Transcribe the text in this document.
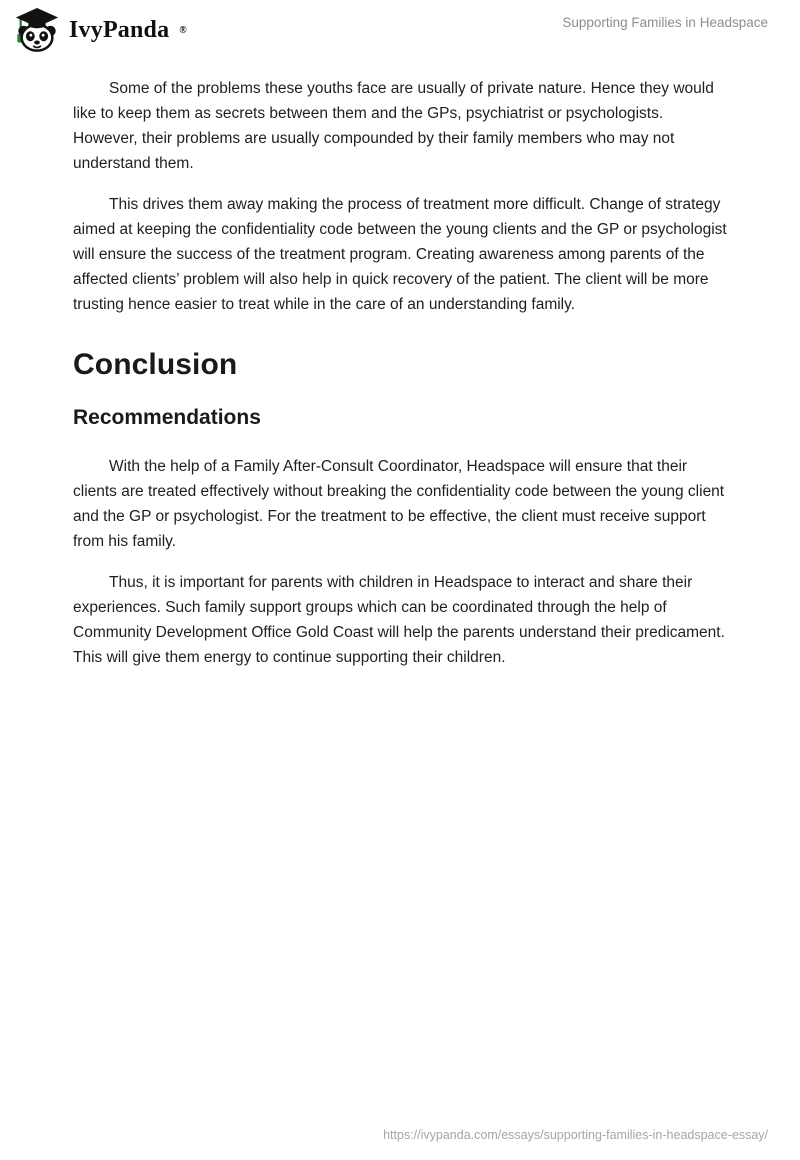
IvyPanda ®	Supporting Families in Headspace

Some of the problems these youths face are usually of private nature. Hence they would like to keep them as secrets between them and the GPs, psychiatrist or psychologists. However, their problems are usually compounded by their family members who may not understand them.

This drives them away making the process of treatment more difficult. Change of strategy aimed at keeping the confidentiality code between the young clients and the GP or psychologist will ensure the success of the treatment program. Creating awareness among parents of the affected clients’ problem will also help in quick recovery of the patient. The client will be more trusting hence easier to treat while in the care of an understanding family.

Conclusion
Recommendations

With the help of a Family After-Consult Coordinator, Headspace will ensure that their clients are treated effectively without breaking the confidentiality code between the young client and the GP or psychologist. For the treatment to be effective, the client must receive support from his family.

Thus, it is important for parents with children in Headspace to interact and share their experiences. Such family support groups which can be coordinated through the help of Community Development Office Gold Coast will help the parents understand their predicament. This will give them energy to continue supporting their children.

https://ivypanda.com/essays/supporting-families-in-headspace-essay/
